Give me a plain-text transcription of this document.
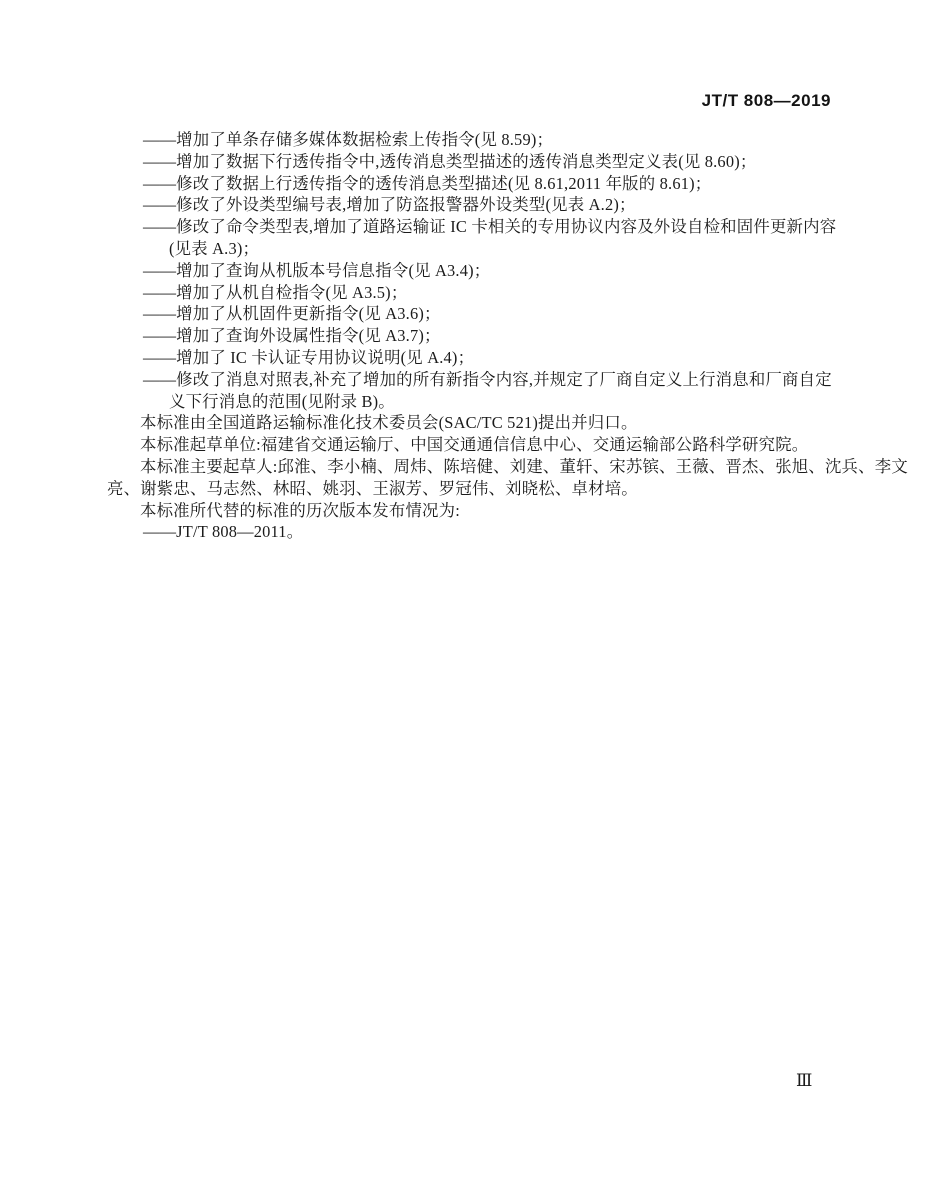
JT/T 808—2019
——增加了单条存储多媒体数据检索上传指令(见 8.59)；
——增加了数据下行透传指令中,透传消息类型描述的透传消息类型定义表(见 8.60)；
——修改了数据上行透传指令的透传消息类型描述(见 8.61,2011 年版的 8.61)；
——修改了外设类型编号表,增加了防盗报警器外设类型(见表 A.2)；
——修改了命令类型表,增加了道路运输证 IC 卡相关的专用协议内容及外设自检和固件更新内容
(见表 A.3)；
——增加了查询从机版本号信息指令(见 A3.4)；
——增加了从机自检指令(见 A3.5)；
——增加了从机固件更新指令(见 A3.6)；
——增加了查询外设属性指令(见 A3.7)；
——增加了 IC 卡认证专用协议说明(见 A.4)；
——修改了消息对照表,补充了增加的所有新指令内容,并规定了厂商自定义上行消息和厂商自定
义下行消息的范围(见附录 B)。
本标准由全国道路运输标准化技术委员会(SAC/TC 521)提出并归口。
本标准起草单位:福建省交通运输厅、中国交通通信信息中心、交通运输部公路科学研究院。
本标准主要起草人:邱淮、李小楠、周炜、陈培健、刘建、董轩、宋苏镔、王薇、晋杰、张旭、沈兵、李文
亮、谢紫忠、马志然、林昭、姚羽、王淑芳、罗冠伟、刘晓松、卓材培。
本标准所代替的标准的历次版本发布情况为:
——JT/T 808—2011。
Ⅲ
